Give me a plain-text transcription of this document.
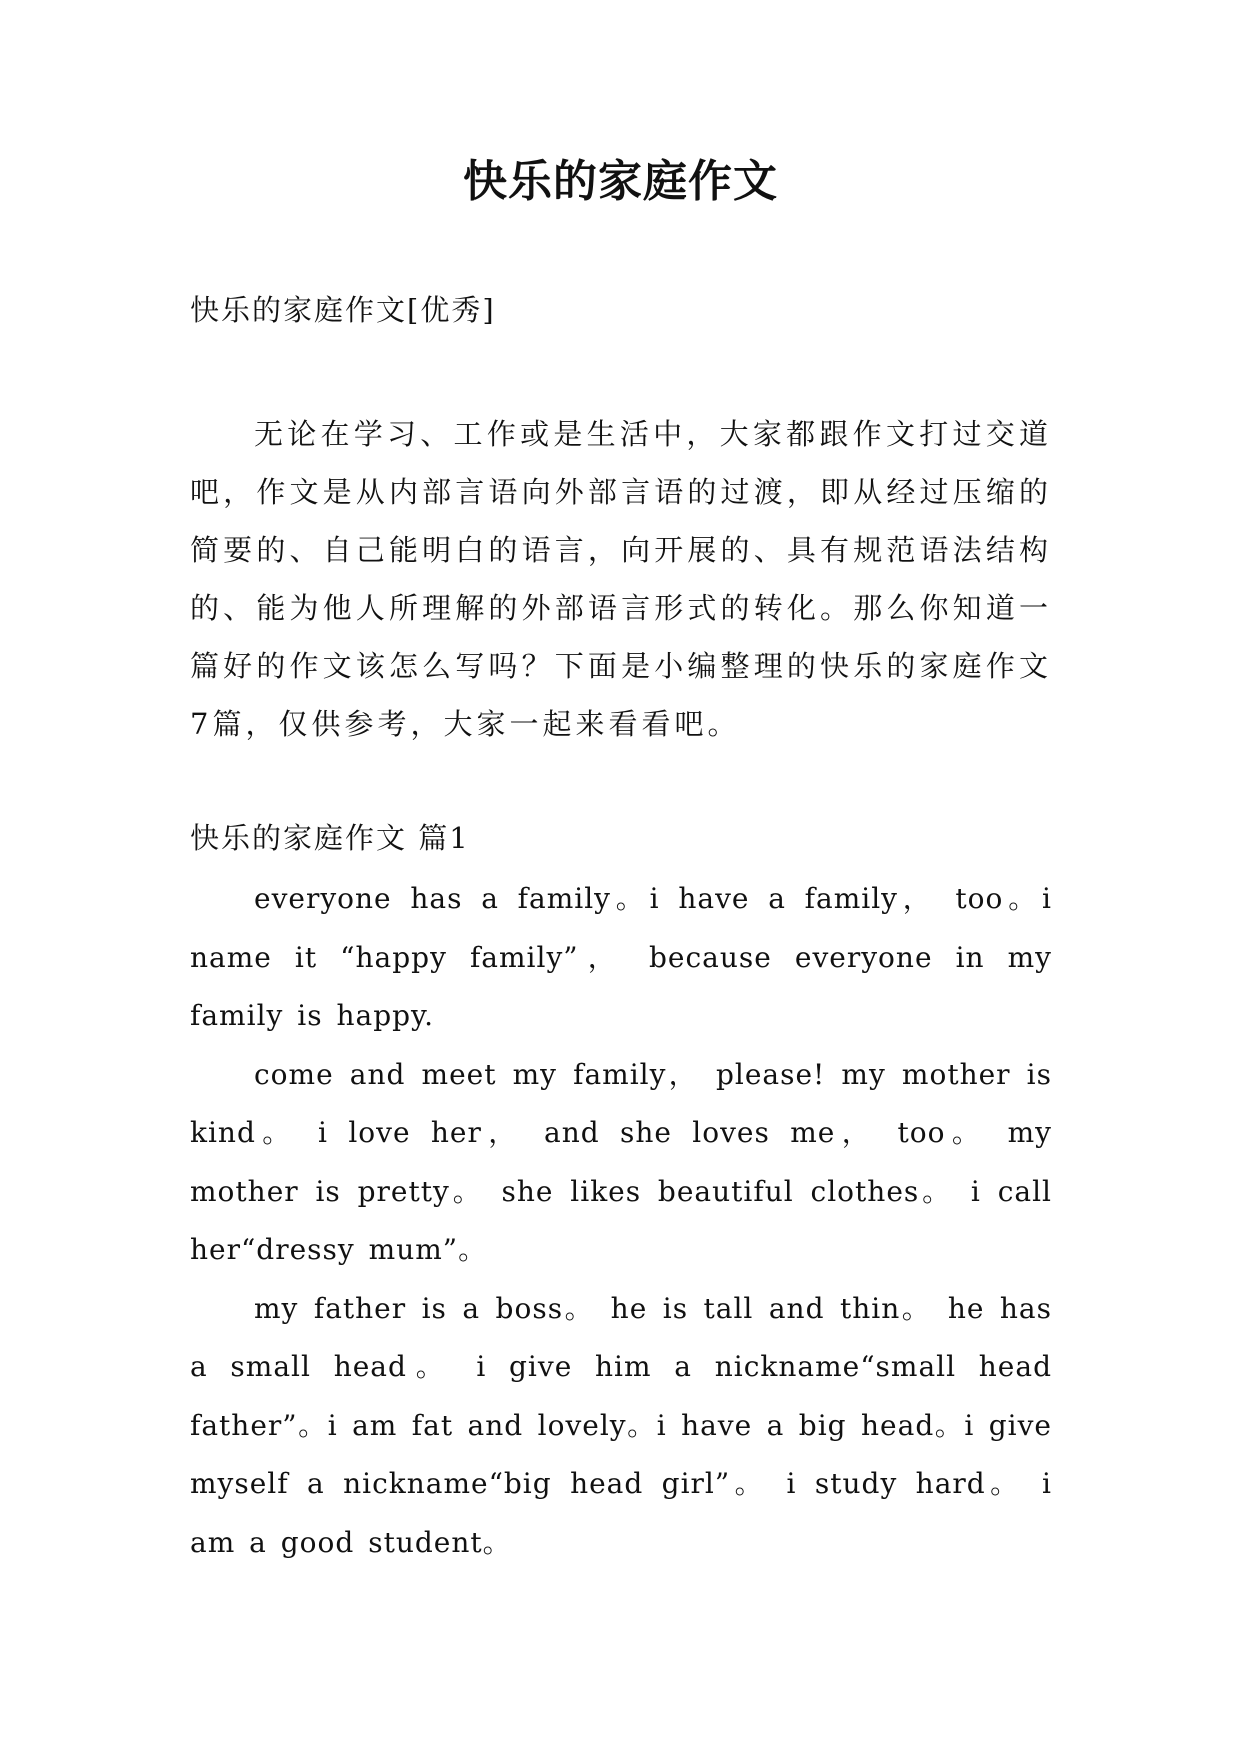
快乐的家庭作文
快乐的家庭作文[优秀]

无论在学习、工作或是生活中，大家都跟作文打过交道吧，作文是从内部言语向外部言语的过渡，即从经过压缩的简要的、自己能明白的语言，向开展的、具有规范语法结构的、能为他人所理解的外部语言形式的转化。那么你知道一篇好的作文该怎么写吗？下面是小编整理的快乐的家庭作文7篇，仅供参考，大家一起来看看吧。

快乐的家庭作文 篇1

everyone has a family。i have a family， too。i name it “happy family”， because everyone in my family is happy.

come and meet my family， please! my mother is kind。 i love her， and she loves me， too。 my mother is pretty。 she likes beautiful clothes。 i call her“dressy mum”。

my father is a boss。 he is tall and thin。 he has a small head。 i give him a nickname“small head father”。i am fat and lovely。i have a big head。i give myself a nickname“big head girl”。 i study hard。 i am a good student。
